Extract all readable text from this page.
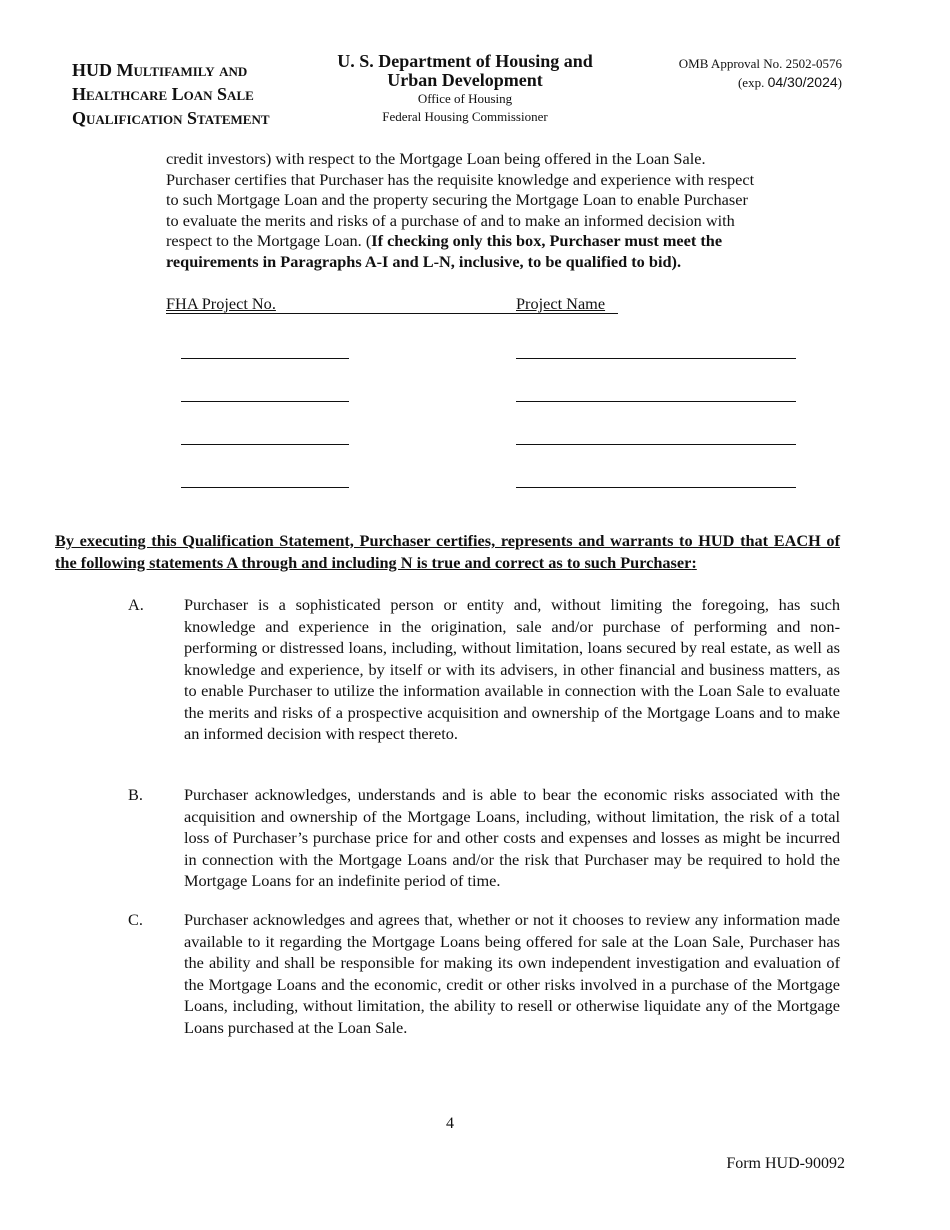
HUD Multifamily and
Healthcare Loan Sale
Qualification Statement
U. S. Department of Housing and
Urban Development
Office of Housing
Federal Housing Commissioner
OMB Approval No. 2502-0576
(exp. 04/30/2024)
credit investors) with respect to the Mortgage Loan being offered in the Loan Sale.
Purchaser certifies that Purchaser has the requisite knowledge and experience with respect
to such Mortgage Loan and the property securing the Mortgage Loan to enable Purchaser
to evaluate the merits and risks of a purchase of and to make an informed decision with
respect to the Mortgage Loan. (If checking only this box, Purchaser must meet the
requirements in Paragraphs A-I and L-N, inclusive, to be qualified to bid).
FHA Project No.	Project Name
By executing this Qualification Statement, Purchaser certifies, represents and warrants to HUD that EACH of the following statements A through and including N is true and correct as to such Purchaser:
A. Purchaser is a sophisticated person or entity and, without limiting the foregoing, has such knowledge and experience in the origination, sale and/or purchase of performing and non-performing or distressed loans, including, without limitation, loans secured by real estate, as well as knowledge and experience, by itself or with its advisers, in other financial and business matters, as to enable Purchaser to utilize the information available in connection with the Loan Sale to evaluate the merits and risks of a prospective acquisition and ownership of the Mortgage Loans and to make an informed decision with respect thereto.
B.	Purchaser acknowledges, understands and is able to bear the economic risks associated with the acquisition and ownership of the Mortgage Loans, including, without limitation, the risk of a total loss of Purchaser’s purchase price for and other costs and expenses and losses as might be incurred in connection with the Mortgage Loans and/or the risk that Purchaser may be required to hold the Mortgage Loans for an indefinite period of time.
C.	Purchaser acknowledges and agrees that, whether or not it chooses to review any information made available to it regarding the Mortgage Loans being offered for sale at the Loan Sale, Purchaser has the ability and shall be responsible for making its own independent investigation and evaluation of the Mortgage Loans and the economic, credit or other risks involved in a purchase of the Mortgage Loans, including, without limitation, the ability to resell or otherwise liquidate any of the Mortgage Loans purchased at the Loan Sale.
4
Form HUD-90092
